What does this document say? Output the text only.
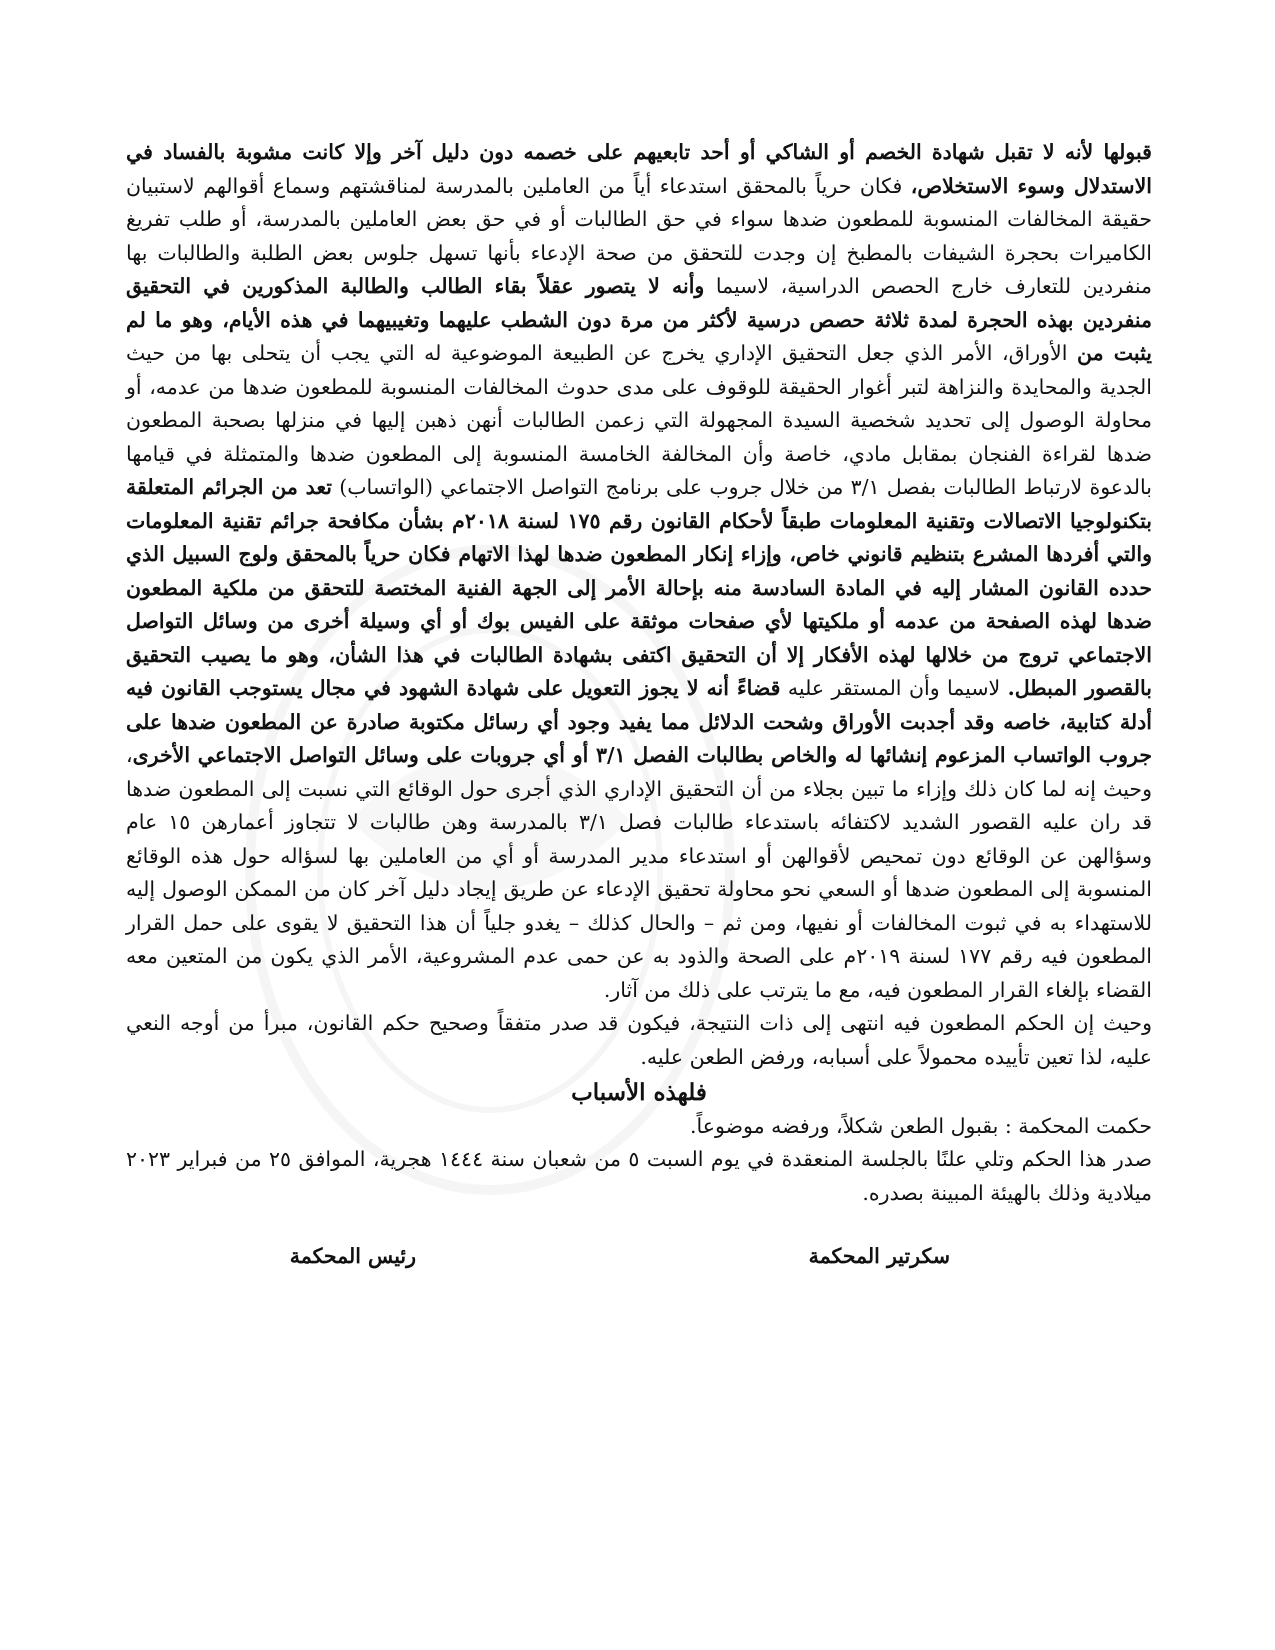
قبولها لأنه لا تقبل شهادة الخصم أو الشاكي أو أحد تابعيهم على خصمه دون دليل آخر وإلا كانت مشوبة بالفساد في الاستدلال وسوء الاستخلاص، فكان حرياً بالمحقق استدعاء أياً من العاملين بالمدرسة لمناقشتهم وسماع أقوالهم لاستبيان حقيقة المخالفات المنسوبة للمطعون ضدها سواء في حق الطالبات أو في حق بعض العاملين بالمدرسة، أو طلب تفريغ الكاميرات بحجرة الشيفات بالمطبخ إن وجدت للتحقق من صحة الإدعاء بأنها تسهل جلوس بعض الطلبة والطالبات بها منفردين للتعارف خارج الحصص الدراسية، لاسيما وأنه لا يتصور عقلاً بقاء الطالب والطالبة المذكورين في التحقيق منفردين بهذه الحجرة لمدة ثلاثة حصص درسية لأكثر من مرة دون الشطب عليهما وتغيبيهما في هذه الأيام، وهو ما لم يثبت من الأوراق، الأمر الذي جعل التحقيق الإداري يخرج عن الطبيعة الموضوعية له التي يجب أن يتحلى بها من حيث الجدية والمحايدة والنزاهة لتبر أغوار الحقيقة للوقوف على مدى حدوث المخالفات المنسوبة للمطعون ضدها من عدمه، أو محاولة الوصول إلى تحديد شخصية السيدة المجهولة التي زعمن الطالبات أنهن ذهبن إليها في منزلها بصحبة المطعون ضدها لقراءة الفنجان بمقابل مادي، خاصة وأن المخالفة الخامسة المنسوبة إلى المطعون ضدها والمتمثلة في قيامها بالدعوة لارتباط الطالبات بفصل ٣/١ من خلال جروب على برنامج التواصل الاجتماعي (الواتساب) تعد من الجرائم المتعلقة بتكنولوجيا الاتصالات وتقنية المعلومات طبقاً لأحكام القانون رقم ١٧٥ لسنة ٢٠١٨م بشأن مكافحة جرائم تقنية المعلومات والتي أفردها المشرع بتنظيم قانوني خاص، وإزاء إنكار المطعون ضدها لهذا الاتهام فكان حرياً بالمحقق ولوج السبيل الذي حدده القانون المشار إليه في المادة السادسة منه بإحالة الأمر إلى الجهة الفنية المختصة للتحقق من ملكية المطعون ضدها لهذه الصفحة من عدمه أو ملكيتها لأي صفحات موثقة على الفيس بوك أو أي وسيلة أخرى من وسائل التواصل الاجتماعي تروج من خلالها لهذه الأفكار إلا أن التحقيق اكتفى بشهادة الطالبات في هذا الشأن، وهو ما يصيب التحقيق بالقصور المبطل. لاسيما وأن المستقر عليه قضاءً أنه لا يجوز التعويل على شهادة الشهود في مجال يستوجب القانون فيه أدلة كتابية، خاصه وقد أجدبت الأوراق وشحت الدلائل مما يفيد وجود أي رسائل مكتوبة صادرة عن المطعون ضدها على جروب الواتساب المزعوم إنشائها له والخاص بطالبات الفصل ٣/١ أو أي جروبات على وسائل التواصل الاجتماعي الأخرى، وحيث إنه لما كان ذلك وإزاء ما تبين بجلاء من أن التحقيق الإداري الذي أجرى حول الوقائع التي نسبت إلى المطعون ضدها قد ران عليه القصور الشديد لاكتفائه باستدعاء طالبات فصل ٣/١ بالمدرسة وهن طالبات لا تتجاوز أعمارهن ١٥ عام وسؤالهن عن الوقائع دون تمحيص لأقوالهن أو استدعاء مدير المدرسة أو أي من العاملين بها لسؤاله حول هذه الوقائع المنسوبة إلى المطعون ضدها أو السعي نحو محاولة تحقيق الإدعاء عن طريق إيجاد دليل آخر كان من الممكن الوصول إليه للاستهداء به في ثبوت المخالفات أو نفيها، ومن ثم – والحال كذلك – يغدو جلياً أن هذا التحقيق لا يقوى على حمل القرار المطعون فيه رقم ١٧٧ لسنة ٢٠١٩م على الصحة والذود به عن حمى عدم المشروعية، الأمر الذي يكون من المتعين معه القضاء بإلغاء القرار المطعون فيه، مع ما يترتب على ذلك من آثار.

وحيث إن الحكم المطعون فيه انتهى إلى ذات النتيجة، فيكون قد صدر متفقاً وصحيح حكم القانون، مبرأ من أوجه النعي عليه، لذا تعين تأييده محمولاً على أسبابه، ورفض الطعن عليه.

فلهذه الأسباب

حكمت المحكمة : بقبول الطعن شكلاً، ورفضه موضوعاً.

صدر هذا الحكم وتلي علنًا بالجلسة المنعقدة في يوم السبت ٥ من شعبان سنة ١٤٤٤ هجرية، الموافق ٢٥ من فبراير ٢٠٢٣ ميلادية وذلك بالهيئة المبينة بصدره.

سكرتير المحكمة
رئيس المحكمة
